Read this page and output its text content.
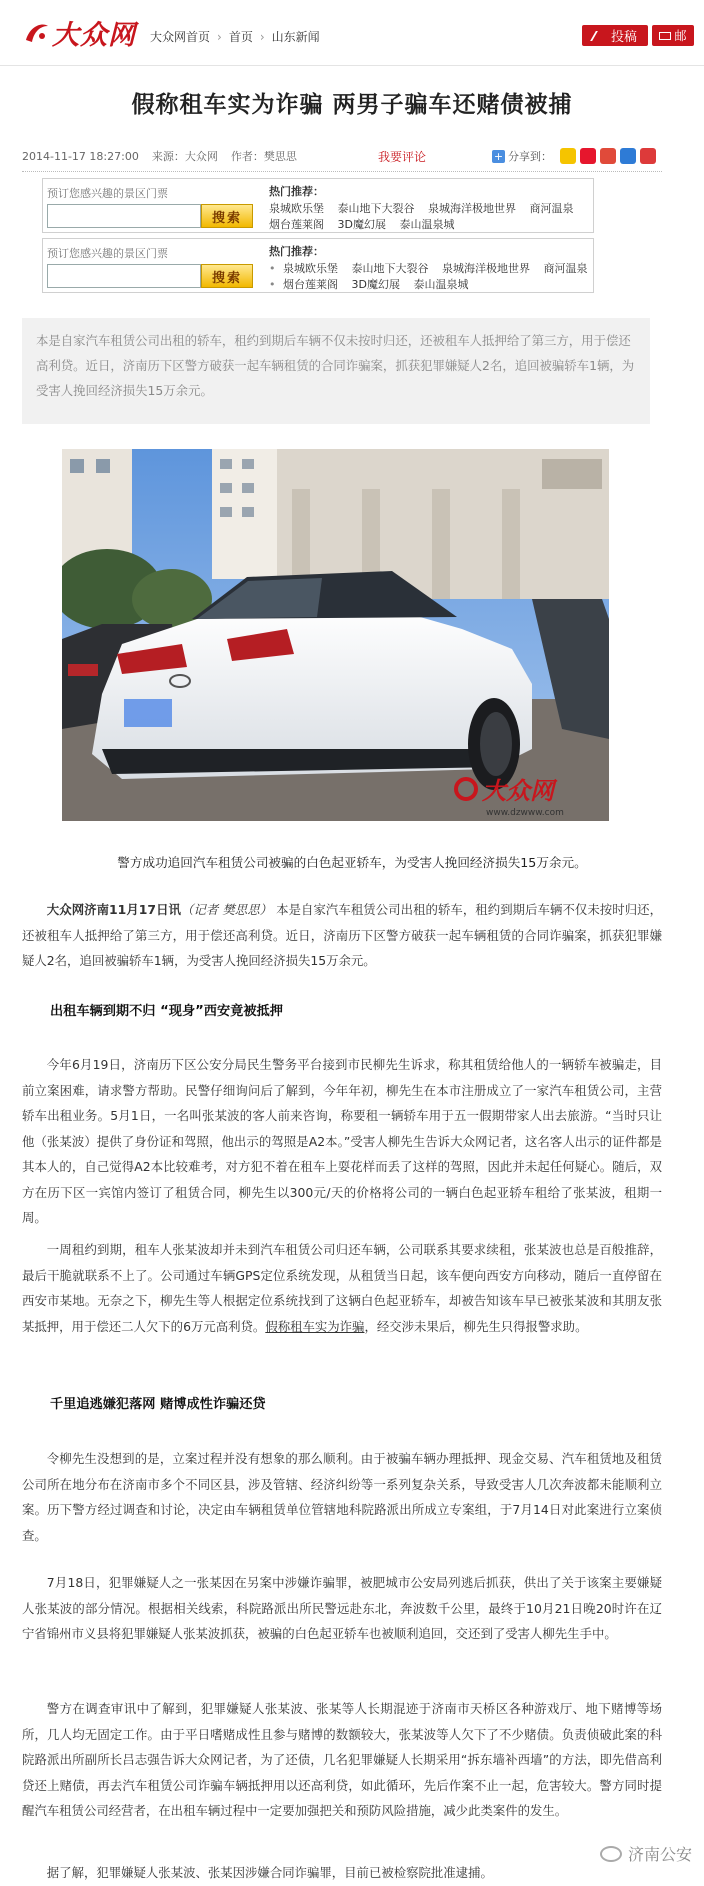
大众网 大众网首页 › 首页 › 山东新闻	投稿	邮
假称租车实为诈骗 两男子骗车还赌债被捕
2014-11-17 18:27:00 来源：大众网 作者：樊思思	我要评论	+ 分享到：
预订您感兴趣的景区门票
搜索
热门推荐：
泉城欧乐堡 泰山地下大裂谷 泉城海洋极地世界 商河温泉
烟台莲莱阁 3D魔幻展 泰山温泉城
预订您感兴趣的景区门票
搜索
热门推荐：
• 泉城欧乐堡 泰山地下大裂谷 泉城海洋极地世界 商河温泉
• 烟台莲莱阁 3D魔幻展 泰山温泉城
本是自家汽车租赁公司出租的轿车，租约到期后车辆不仅未按时归还，还被租车人抵押给了第三方，用于偿还高利贷。近日，济南历下区警方破获一起车辆租赁的合同诈骗案，抓获犯罪嫌疑人2名，追回被骗轿车1辆，为受害人挽回经济损失15万余元。
大众网
www.dzwww.com
警方成功追回汽车租赁公司被骗的白色起亚轿车，为受害人挽回经济损失15万余元。

大众网济南11月17日讯（记者 樊思思） 本是自家汽车租赁公司出租的轿车，租约到期后车辆不仅未按时归还，还被租车人抵押给了第三方，用于偿还高利贷。近日，济南历下区警方破获一起车辆租赁的合同诈骗案，抓获犯罪嫌疑人2名，追回被骗轿车1辆，为受害人挽回经济损失15万余元。

出租车辆到期不归 “现身”西安竟被抵押

今年6月19日，济南历下区公安分局民生警务平台接到市民柳先生诉求，称其租赁给他人的一辆轿车被骗走，目前立案困难，请求警方帮助。民警仔细询问后了解到，今年年初，柳先生在本市注册成立了一家汽车租赁公司，主营轿车出租业务。5月1日，一名叫张某波的客人前来咨询，称要租一辆轿车用于五一假期带家人出去旅游。“当时只让他（张某波）提供了身份证和驾照，他出示的驾照是A2本。”受害人柳先生告诉大众网记者，这名客人出示的证件都是其本人的，自己觉得A2本比较难考，对方犯不着在租车上耍花样而丢了这样的驾照，因此并未起任何疑心。随后，双方在历下区一宾馆内签订了租赁合同，柳先生以300元/天的价格将公司的一辆白色起亚轿车租给了张某波，租期一周。

一周租约到期，租车人张某波却并未到汽车租赁公司归还车辆，公司联系其要求续租，张某波也总是百般推辞，最后干脆就联系不上了。公司通过车辆GPS定位系统发现，从租赁当日起，该车便向西安方向移动，随后一直停留在西安市某地。无奈之下，柳先生等人根据定位系统找到了这辆白色起亚轿车，却被告知该车早已被张某波和其朋友张某抵押，用于偿还二人欠下的6万元高利贷。假称租车实为诈骗，经交涉未果后，柳先生只得报警求助。

千里追逃嫌犯落网 赌博成性诈骗还贷

令柳先生没想到的是，立案过程并没有想象的那么顺利。由于被骗车辆办理抵押、现金交易、汽车租赁地及租赁公司所在地分布在济南市多个不同区县，涉及管辖、经济纠纷等一系列复杂关系，导致受害人几次奔波都未能顺利立案。历下警方经过调查和讨论，决定由车辆租赁单位管辖地科院路派出所成立专案组，于7月14日对此案进行立案侦查。

7月18日，犯罪嫌疑人之一张某因在另案中涉嫌诈骗罪，被肥城市公安局列逃后抓获，供出了关于该案主要嫌疑人张某波的部分情况。根据相关线索，科院路派出所民警远赴东北，奔波数千公里，最终于10月21日晚20时许在辽宁省锦州市义县将犯罪嫌疑人张某波抓获，被骗的白色起亚轿车也被顺利追回，交还到了受害人柳先生手中。

警方在调查审讯中了解到，犯罪嫌疑人张某波、张某等人长期混迹于济南市天桥区各种游戏厅、地下赌博等场所，几人均无固定工作。由于平日嗜赌成性且参与赌博的数额较大，张某波等人欠下了不少赌债。负责侦破此案的科院路派出所副所长吕志强告诉大众网记者，为了还债，几名犯罪嫌疑人长期采用“拆东墙补西墙”的方法，即先借高利贷还上赌债，再去汽车租赁公司诈骗车辆抵押用以还高利贷，如此循环，先后作案不止一起，危害较大。警方同时提醒汽车租赁公司经营者，在出租车辆过程中一定要加强把关和预防风险措施，减少此类案件的发生。

据了解，犯罪嫌疑人张某波、张某因涉嫌合同诈骗罪，目前已被检察院批准逮捕。

济南公安
